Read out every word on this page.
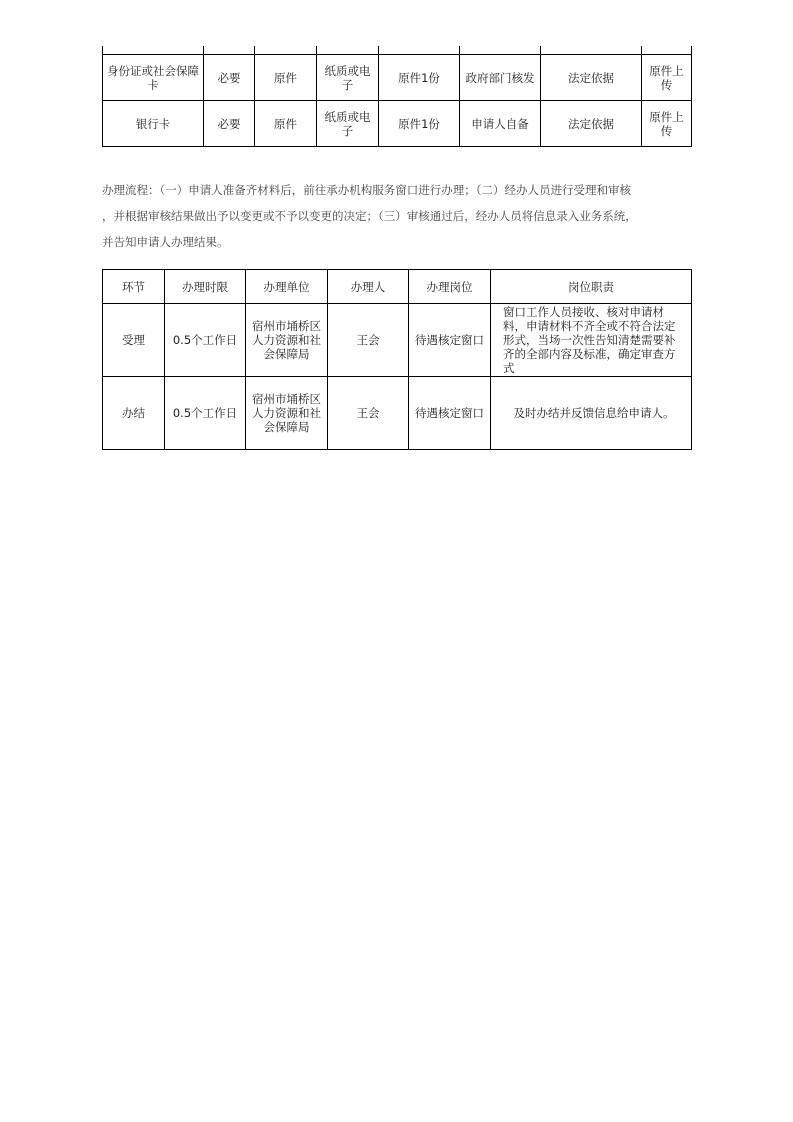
身份证或社会保障卡	必要	原件	纸质或电子	原件1份	政府部门核发	法定依据	原件上传
银行卡	必要	原件	纸质或电子	原件1份	申请人自备	法定依据	原件上传

办理流程：（一）申请人准备齐材料后，前往承办机构服务窗口进行办理；（二）经办人员进行受理和审核
，并根据审核结果做出予以变更或不予以变更的决定；（三）审核通过后，经办人员将信息录入业务系统，
并告知申请人办理结果。

环节	办理时限	办理单位	办理人	办理岗位	岗位职责
受理	0.5个工作日	宿州市埇桥区人力资源和社会保障局	王会	待遇核定窗口	窗口工作人员接收、核对申请材料，申请材料不齐全或不符合法定形式，当场一次性告知清楚需要补齐的全部内容及标准，确定审查方式
办结	0.5个工作日	宿州市埇桥区人力资源和社会保障局	王会	待遇核定窗口	及时办结并反馈信息给申请人。
